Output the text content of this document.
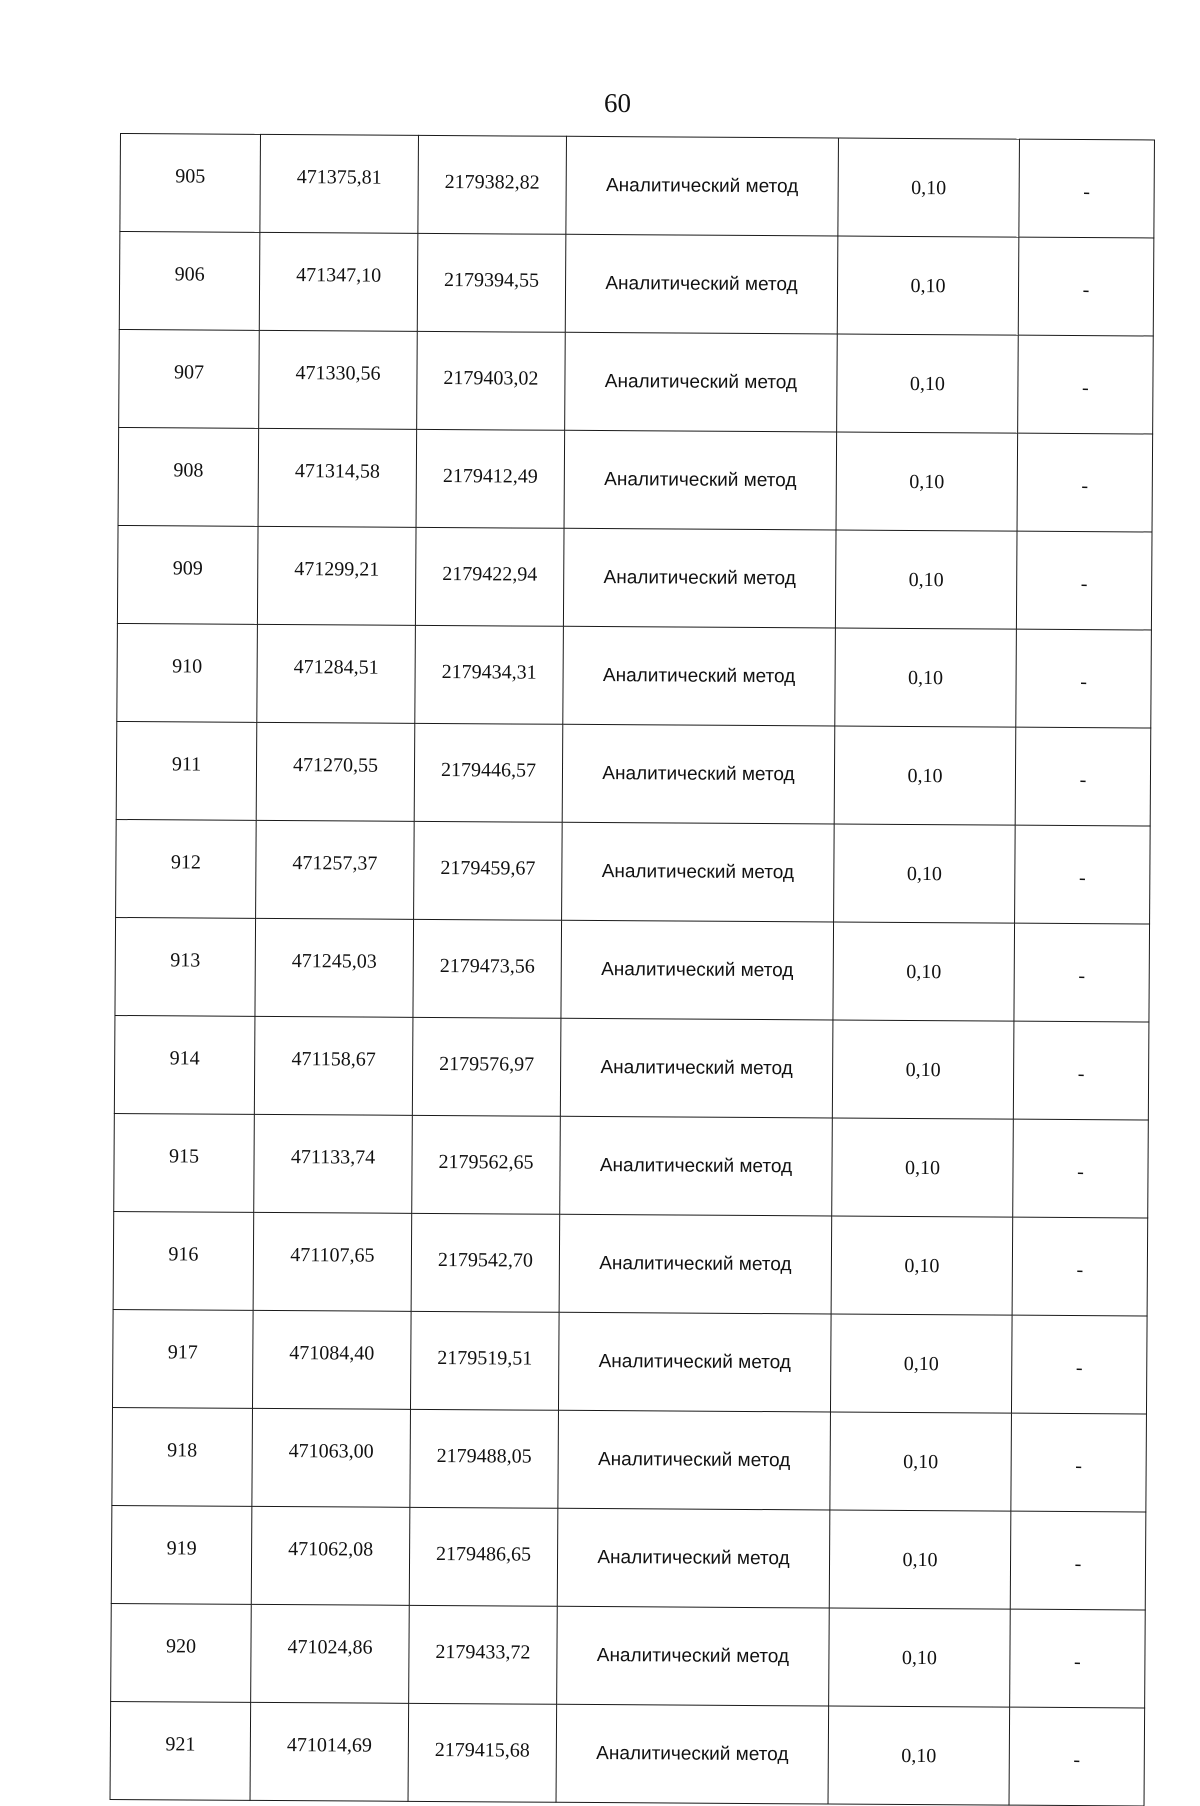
60
905	471375,81	2179382,82	Аналитический метод	0,10	-
906	471347,10	2179394,55	Аналитический метод	0,10	-
907	471330,56	2179403,02	Аналитический метод	0,10	-
908	471314,58	2179412,49	Аналитический метод	0,10	-
909	471299,21	2179422,94	Аналитический метод	0,10	-
910	471284,51	2179434,31	Аналитический метод	0,10	-
911	471270,55	2179446,57	Аналитический метод	0,10	-
912	471257,37	2179459,67	Аналитический метод	0,10	-
913	471245,03	2179473,56	Аналитический метод	0,10	-
914	471158,67	2179576,97	Аналитический метод	0,10	-
915	471133,74	2179562,65	Аналитический метод	0,10	-
916	471107,65	2179542,70	Аналитический метод	0,10	-
917	471084,40	2179519,51	Аналитический метод	0,10	-
918	471063,00	2179488,05	Аналитический метод	0,10	-
919	471062,08	2179486,65	Аналитический метод	0,10	-
920	471024,86	2179433,72	Аналитический метод	0,10	-
921	471014,69	2179415,68	Аналитический метод	0,10	-
